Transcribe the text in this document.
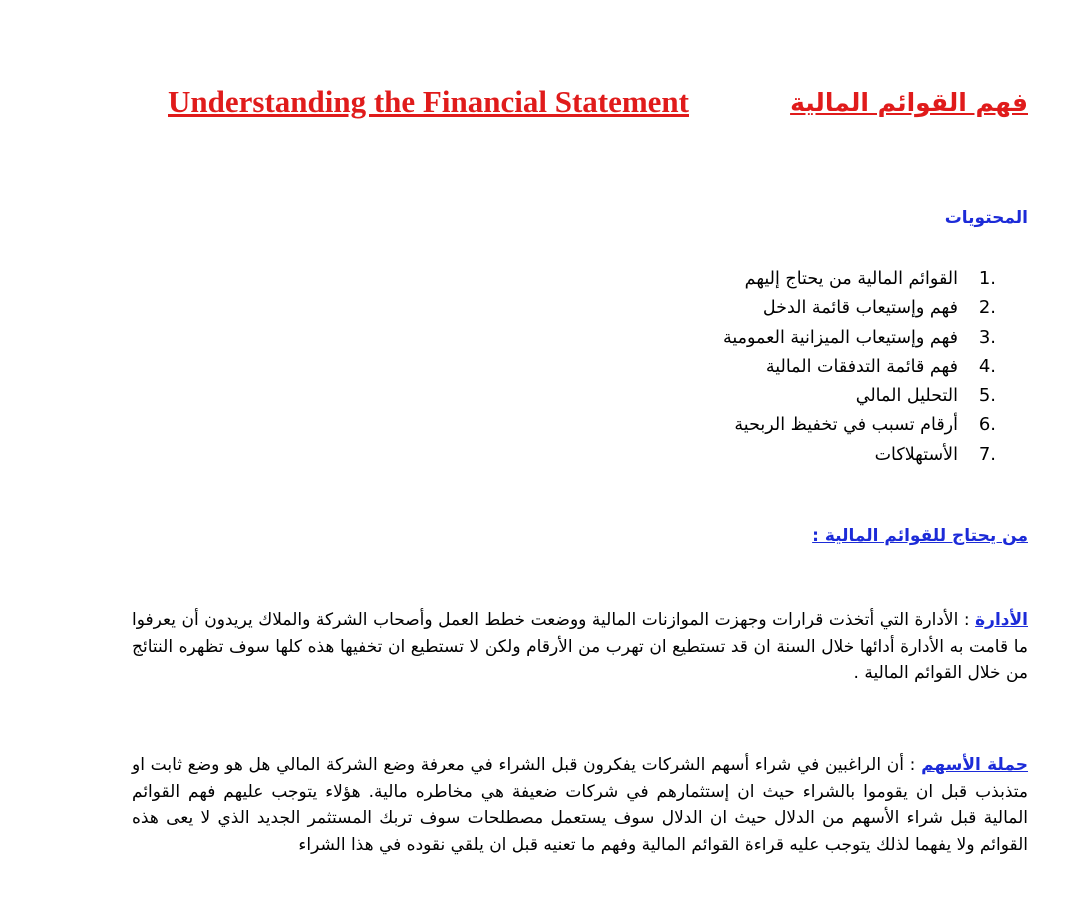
فهم القوائم المالية
Understanding the Financial Statement
المحتويات
1.
القوائم المالية من يحتاج إليهم
2.
فهم وإستيعاب قائمة الدخل
3.
فهم وإستيعاب الميزانية العمومية
4.
فهم قائمة التدفقات المالية
5.
التحليل المالي
6.
أرقام تسبب في تخفيظ الربحية
7.
الأستهلاكات
من يحتاج للقوائم المالية :

الأدارة : الأدارة التي أتخذت قرارات وجهزت الموازنات المالية ووضعت خطط العمل وأصحاب الشركة والملاك يريدون أن يعرفوا ما قامت به الأدارة أدائها خلال السنة ان قد تستطيع ان تهرب من الأرقام ولكن لا تستطيع ان تخفيها هذه كلها سوف تظهره النتائج من خلال القوائم المالية .

حملة الأسهم : أن الراغبين في شراء أسهم الشركات يفكرون قبل الشراء في معرفة وضع الشركة المالي هل هو وضع ثابت او متذبذب قبل ان يقوموا بالشراء حيث ان إستثمارهم في شركات ضعيفة هي مخاطره مالية. هؤلاء يتوجب عليهم فهم القوائم المالية قبل شراء الأسهم من الدلال حيث ان الدلال سوف يستعمل مصطلحات سوف تربك المستثمر الجديد الذي لا يعى هذه القوائم ولا يفهما لذلك يتوجب عليه قراءة القوائم المالية وفهم ما تعنيه قبل ان يلقي نقوده في هذا الشراء
